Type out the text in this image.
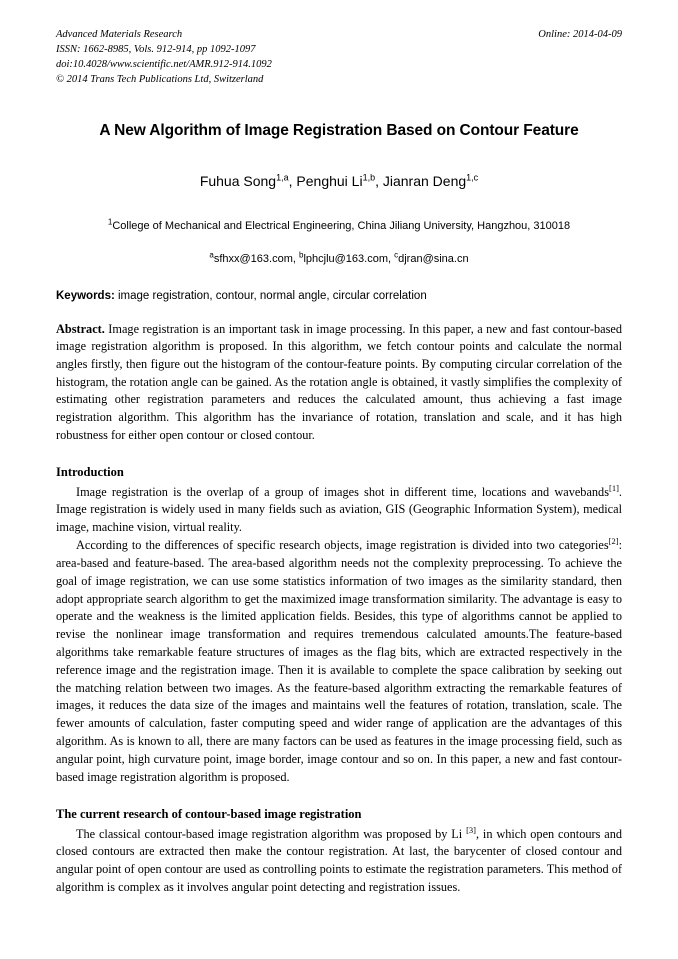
Advanced Materials Research
ISSN: 1662-8985, Vols. 912-914, pp 1092-1097
doi:10.4028/www.scientific.net/AMR.912-914.1092
© 2014 Trans Tech Publications Ltd, Switzerland
Online: 2014-04-09
A New Algorithm of Image Registration Based on Contour Feature
Fuhua Song$^{1,a}$, Penghui Li$^{1,b}$, Jianran Deng$^{1,c}$
$^1$College of Mechanical and Electrical Engineering, China Jiliang University, Hangzhou, 310018
$^a$sfhxx@163.com, $^b$lphcjlu@163.com, $^c$djran@sina.cn
Keywords: image registration, contour, normal angle, circular correlation
Abstract. Image registration is an important task in image processing. In this paper, a new and fast contour-based image registration algorithm is proposed. In this algorithm, we fetch contour points and calculate the normal angles firstly, then figure out the histogram of the contour-feature points. By computing circular correlation of the histogram, the rotation angle can be gained. As the rotation angle is obtained, it vastly simplifies the complexity of estimating other registration parameters and reduces the calculated amount, thus achieving a fast image registration algorithm. This algorithm has the invariance of rotation, translation and scale, and it has high robustness for either open contour or closed contour.
Introduction

Image registration is the overlap of a group of images shot in different time, locations and wavebands[1]. Image registration is widely used in many fields such as aviation, GIS (Geographic Information System), medical image, machine vision, virtual reality.

According to the differences of specific research objects, image registration is divided into two categories[2]: area-based and feature-based. The area-based algorithm needs not the complexity preprocessing. To achieve the goal of image registration, we can use some statistics information of two images as the similarity standard, then adopt appropriate search algorithm to get the maximized image transformation similarity. The advantage is easy to operate and the weakness is the limited application fields. Besides, this type of algorithms cannot be applied to revise the nonlinear image transformation and requires tremendous calculated amounts.The feature-based algorithms take remarkable feature structures of images as the flag bits, which are extracted respectively in the reference image and the registration image. Then it is available to complete the space calibration by seeking out the matching relation between two images. As the feature-based algorithm extracting the remarkable features of images, it reduces the data size of the images and maintains well the features of rotation, translation, scale. The fewer amounts of calculation, faster computing speed and wider range of application are the advantages of this algorithm. As is known to all, there are many factors can be used as features in the image processing field, such as angular point, high curvature point, image border, image contour and so on. In this paper, a new and fast contour-based image registration algorithm is proposed.

The current research of contour-based image registration

The classical contour-based image registration algorithm was proposed by Li [3], in which open contours and closed contours are extracted then make the contour registration. At last, the barycenter of closed contour and angular point of open contour are used as controlling points to estimate the registration parameters. This method of algorithm is complex as it involves angular point detecting and registration issues.
